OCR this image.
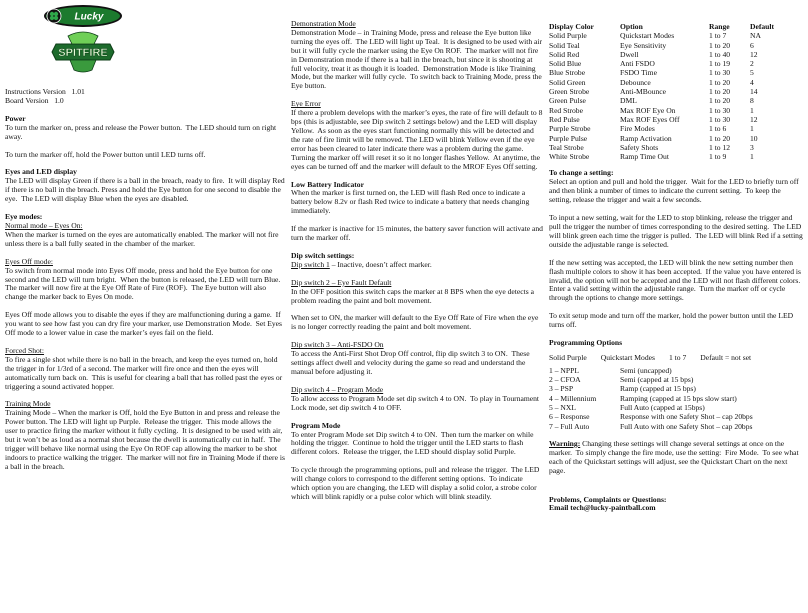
Lucky
SPITFIRE

Instructions Version   1.01

Board Version   1.0

Power

To turn the marker on, press and release the Power button.  The LED should turn on right away.

To turn the marker off, hold the Power button until LED turns off.

Eyes and LED display

The LED will display Green if there is a ball in the breach, ready to fire.  It will display Red if there is no ball in the breach. Press and hold the Eye button for one second to disable the eye.  The LED will display Blue when the eyes are disabled.

Eye modes:

Normal mode – Eyes On:

When the marker is turned on the eyes are automatically enabled. The marker will not fire unless there is a ball fully seated in the chamber of the marker.

Eyes Off mode:

To switch from normal mode into Eyes Off mode, press and hold the Eye button for one second and the LED will turn bright.  When the button is released, the LED will turn Blue.  The marker will now fire at the Eye Off Rate of Fire (ROF).  The Eye button will also change the marker back to Eyes On mode.

Eyes Off mode allows you to disable the eyes if they are malfunctioning during a game.  If you want to see how fast you can dry fire your marker, use Demonstration Mode.  Set Eyes Off mode to a lower value in case the marker’s eyes fail on the field.

Forced Shot:

To fire a single shot while there is no ball in the breach, and keep the eyes turned on, hold the trigger in for 1/3rd of a second. The marker will fire once and then the eyes will automatically turn back on.  This is useful for clearing a ball that has rolled past the eyes or triggering a sound activated hopper.

Training Mode

Training Mode – When the marker is Off, hold the Eye Button in and press and release the Power button. The LED will light up Purple.  Release the trigger.  This mode allows the user to practice firing the marker without it fully cycling.  It is designed to be used with air, but it won’t be as loud as a normal shot because the dwell is automatically cut in half.  The trigger will behave like normal using the Eye On ROF cap allowing the marker to be shot indoors to practice walking the trigger.  The marker will not fire in Training Mode if there is a ball in the breach.

Demonstration Mode

Demonstration Mode – in Training Mode, press and release the Eye button like turning the eyes off.  The LED will light up Teal.  It is designed to be used with air but it will fully cycle the marker using the Eye On ROF.  The marker will not fire in Demonstration mode if there is a ball in the breach, but since it is shooting at full velocity, treat it as though it is loaded.  Demonstration Mode is like Training Mode, but the marker will fully cycle.  To switch back to Training Mode, press the Eye button.

Eye Error

If there a problem develops with the marker’s eyes, the rate of fire will default to 8 bps (this is adjustable, see Dip switch 2 settings below) and the LED will display Yellow.  As soon as the eyes start functioning normally this will be detected and the rate of fire limit will be removed. The LED will blink Yellow even if the eye error has been cleared to later indicate there was a problem during the game.  Turning the marker off will reset it so it no longer flashes Yellow.  At anytime, the eyes can be turned off and the marker will default to the MROF Eyes Off setting.

Low Battery Indicator

When the marker is first turned on, the LED will flash Red once to indicate a battery below 8.2v or flash Red twice to indicate a battery that needs changing immediately.

If the marker is inactive for 15 minutes, the battery saver function will activate and turn the marker off.

Dip switch settings:

Dip switch 1 – Inactive, doesn’t affect marker.

Dip switch 2 – Eye Fault Default

In the OFF position this switch caps the marker at 8 BPS when the eye detects a problem reading the paint and bolt movement.

When set to ON, the marker will default to the Eye Off Rate of Fire when the eye is no longer correctly reading the paint and bolt movement.

Dip switch 3 – Anti-FSDO On

To access the Anti-First Shot Drop Off control, flip dip switch 3 to ON.  These settings affect dwell and velocity during the game so read and understand the manual before adjusting it.

Dip switch 4 – Program Mode

To allow access to Program Mode set dip switch 4 to ON.  To play in Tournament Lock mode, set dip switch 4 to OFF.

Program Mode

To enter Program Mode set Dip switch 4 to ON.  Then turn the marker on while holding the trigger.  Continue to hold the trigger until the LED starts to flash different colors.  Release the trigger, the LED should display solid Purple.

To cycle through the programming options, pull and release the trigger.  The LED will change colors to correspond to the different setting options.  To indicate which option you are changing, the LED will display a solid color, a strobe color which will blink rapidly or a pulse color which will blink steadily.

Display Color	Option	Range	Default
Solid Purple	Quickstart Modes	1 to 7	NA
Solid Teal	Eye Sensitivity	1 to 20	6
Solid Red	Dwell	1 to 40	12
Solid Blue	Anti FSDO	1 to 19	2
Blue Strobe	FSDO Time	1 to 30	5
Solid Green	Debounce	1 to 20	4
Green Strobe	Anti-MBounce	1 to 20	14
Green Pulse	DML	1 to 20	8
Red Strobe	Max ROF Eye On	1 to 30	1
Red Pulse	Max ROF Eyes Off	1 to 30	12
Purple Strobe	Fire Modes	1 to 6	1
Purple Pulse	Ramp Activation	1 to 20	10
Teal Strobe	Safety Shots	1 to 12	3
White Strobe	Ramp Time Out	1 to 9	1

To change a setting:

Select an option and pull and hold the trigger.  Wait for the LED to briefly turn off and then blink a number of times to indicate the current setting.  To keep the setting, release the trigger and wait a few seconds.

To input a new setting, wait for the LED to stop blinking, release the trigger and pull the trigger the number of times corresponding to the desired setting.  The LED will blink green each time the trigger is pulled.  The LED will blink Red if a setting outside the adjustable range is selected.

If the new setting was accepted, the LED will blink the new setting number then flash multiple colors to show it has been accepted.  If the value you have entered is invalid, the option will not be accepted and the LED will not flash different colors.  Enter a valid setting within the adjustable range.  Turn the marker off or cycle through the options to change more settings.

To exit setup mode and turn off the marker, hold the power button until the LED turns off.

Programming Options

Solid Purple Quickstart Modes 1 to 7 Default = not set

1 – NPPL	Semi (uncapped)
2 – CFOA	Semi (capped at 15 bps)
3 – PSP	Ramp (capped at 15 bps)
4 – Millennium	Ramping (capped at 15 bps slow start)
5 – NXL	Full Auto (capped at 15bps)
6 – Response	Response with one Safety Shot – cap 20bps
7 – Full Auto	Full Auto with one Safety Shot – cap 20bps

Warning: Changing these settings will change several settings at once on the marker.  To simply change the fire mode, use the setting:  Fire Mode.  To see what each of the Quickstart settings will adjust, see the Quickstart Chart on the next page.

Problems, Complaints or Questions:

Email tech@lucky-paintball.com
